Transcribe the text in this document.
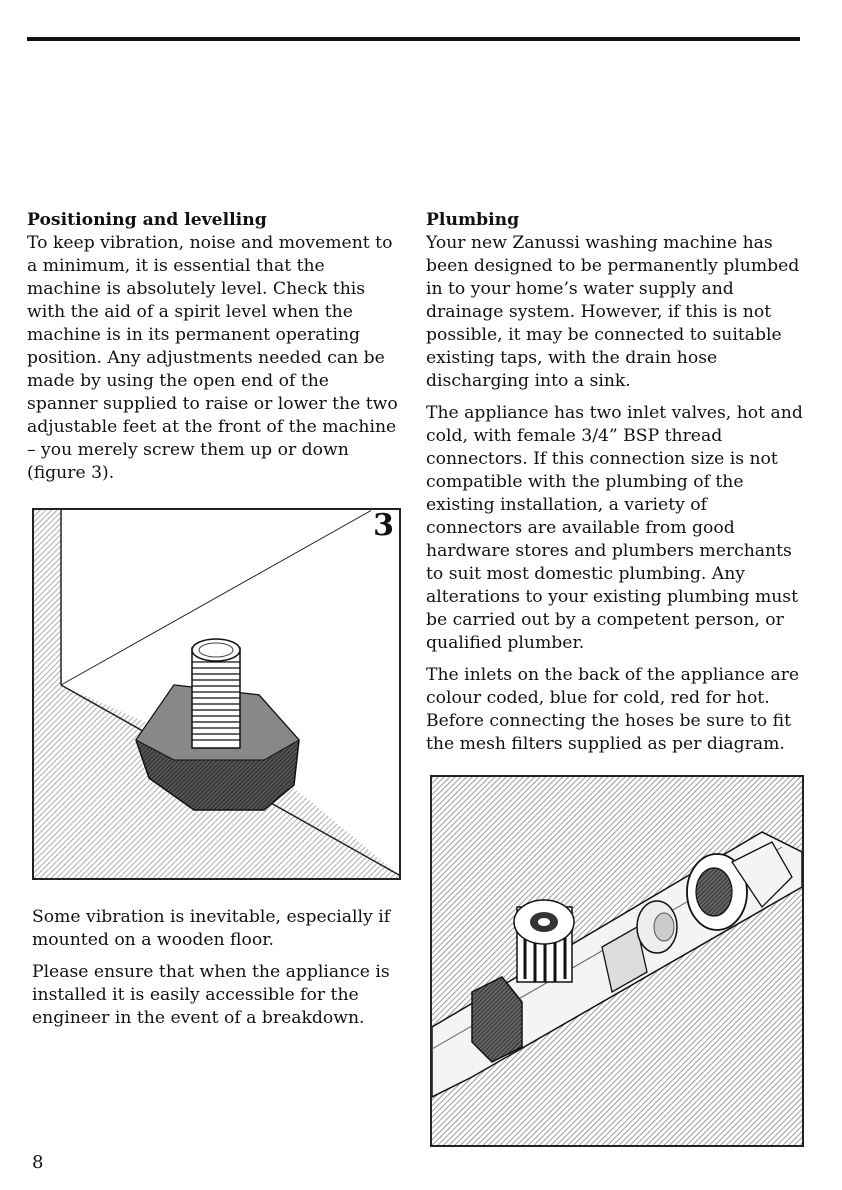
Positioning and levelling
To keep vibration, noise and movement to a minimum, it is essential that the machine is absolutely level. Check this with the aid of a spirit level when the machine is in its permanent operating position. Any adjustments needed can be made by using the open end of the spanner supplied to raise or lower the two adjustable feet at the front of the machine – you merely screw them up or down (figure 3).
3

Some vibration is inevitable, especially if mounted on a wooden floor.

Please ensure that when the appliance is installed it is easily accessible for the engineer in the event of a breakdown.

Plumbing

Your new Zanussi washing machine has been designed to be permanently plumbed in to your home’s water supply and drainage system. However, if this is not possible, it may be connected to suitable existing taps, with the drain hose discharging into a sink.

The appliance has two inlet valves, hot and cold, with female 3/4” BSP thread connectors. If this connection size is not compatible with the plumbing of the existing installation, a variety of connectors are available from good hardware stores and plumbers merchants to suit most domestic plumbing. Any alterations to your existing plumbing must be carried out by a competent person, or qualified plumber.

The inlets on the back of the appliance are colour coded, blue for cold, red for hot. Before connecting the hoses be sure to fit the mesh filters supplied as per diagram.

8
